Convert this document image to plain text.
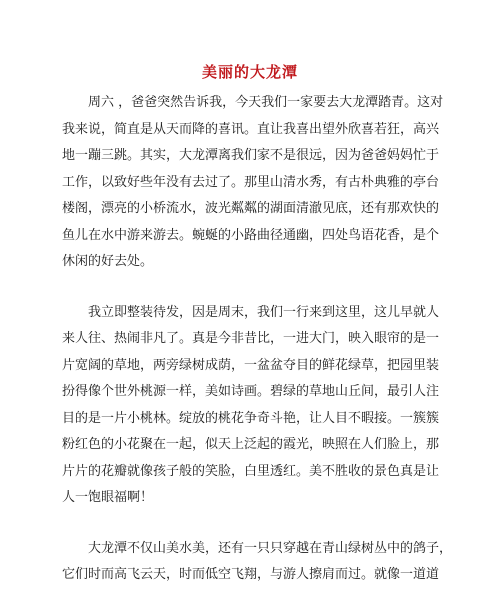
美丽的大龙潭
周六 ，爸爸突然告诉我，今天我们一家要去大龙潭踏青。这对
我来说，简直是从天而降的喜讯。直让我喜出望外欣喜若狂，高兴
地一蹦三跳。其实，大龙潭离我们家不是很远，因为爸爸妈妈忙于
工作，以致好些年没有去过了。那里山清水秀，有古朴典雅的亭台
楼阁，漂亮的小桥流水，波光粼粼的湖面清澈见底，还有那欢快的
鱼儿在水中游来游去。蜿蜒的小路曲径通幽，四处鸟语花香，是个
休闲的好去处。
我立即整装待发，因是周末，我们一行来到这里，这儿早就人
来人往、热闹非凡了。真是今非昔比，一进大门，映入眼帘的是一
片宽阔的草地，两旁绿树成荫，一盆盆夺目的鲜花绿草，把园里装
扮得像个世外桃源一样，美如诗画。碧绿的草地山丘间，最引人注
目的是一片小桃林。绽放的桃花争奇斗艳，让人目不暇接。一簇簇
粉红色的小花聚在一起，似天上泛起的霞光，映照在人们脸上，那
片片的花瓣就像孩子般的笑脸，白里透红。美不胜收的景色真是让
人一饱眼福啊！
大龙潭不仅山美水美，还有一只只穿越在青山绿树丛中的鸽子，
它们时而高飞云天，时而低空飞翔，与游人擦肩而过。就像一道道
